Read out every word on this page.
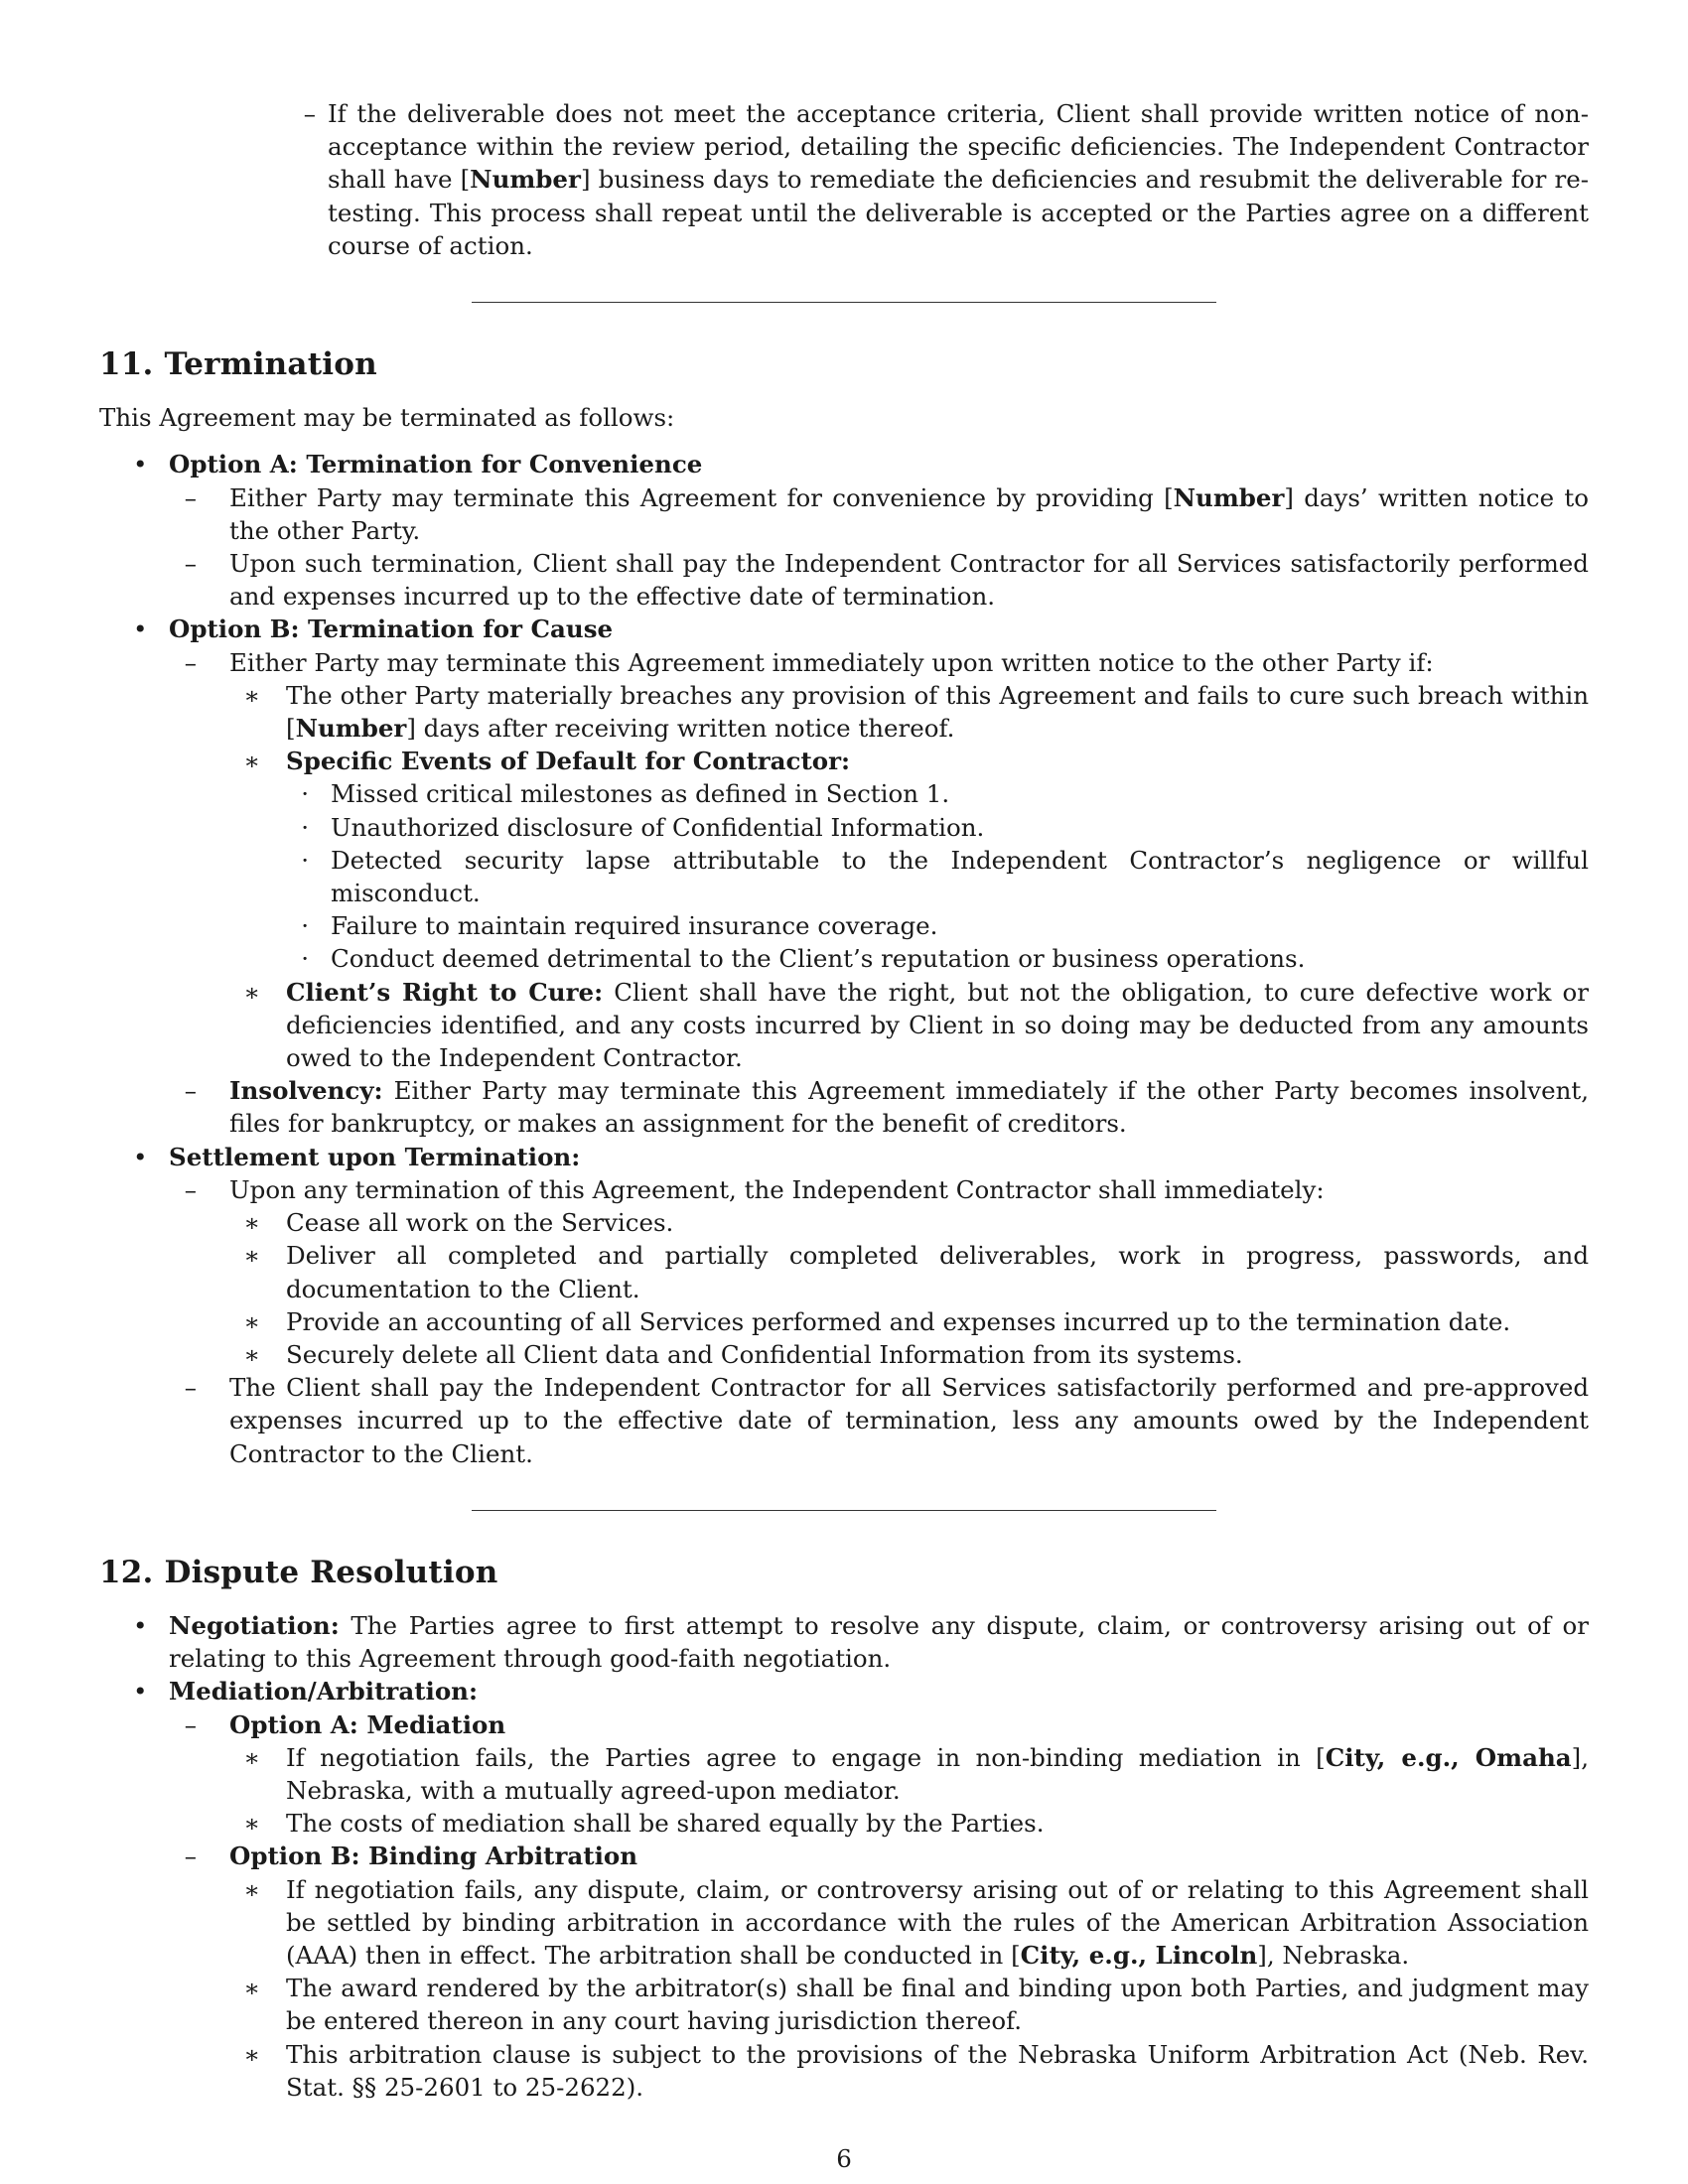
– If the deliverable does not meet the acceptance criteria, Client shall provide written notice of non-acceptance within the review period, detailing the specific deficiencies. The Independent Contractor shall have [Number] business days to remediate the deficiencies and resubmit the deliverable for re-testing. This process shall repeat until the deliverable is accepted or the Parties agree on a different course of action.
11. Termination

This Agreement may be terminated as follows:

• Option A: Termination for Convenience
– Either Party may terminate this Agreement for convenience by providing [Number] days’ written notice to the other Party.
– Upon such termination, Client shall pay the Independent Contractor for all Services satisfactorily performed and expenses incurred up to the effective date of termination.
• Option B: Termination for Cause
– Either Party may terminate this Agreement immediately upon written notice to the other Party if:
∗ The other Party materially breaches any provision of this Agreement and fails to cure such breach within [Number] days after receiving written notice thereof.
∗ Specific Events of Default for Contractor:
· Missed critical milestones as defined in Section 1.
· Unauthorized disclosure of Confidential Information.
· Detected security lapse attributable to the Independent Contractor’s negligence or willful misconduct.
· Failure to maintain required insurance coverage.
· Conduct deemed detrimental to the Client’s reputation or business operations.
∗ Client’s Right to Cure: Client shall have the right, but not the obligation, to cure defective work or deficiencies identified, and any costs incurred by Client in so doing may be deducted from any amounts owed to the Independent Contractor.
– Insolvency: Either Party may terminate this Agreement immediately if the other Party becomes insolvent, files for bankruptcy, or makes an assignment for the benefit of creditors.
• Settlement upon Termination:
– Upon any termination of this Agreement, the Independent Contractor shall immediately:
∗ Cease all work on the Services.
∗ Deliver all completed and partially completed deliverables, work in progress, passwords, and documentation to the Client.
∗ Provide an accounting of all Services performed and expenses incurred up to the termination date.
∗ Securely delete all Client data and Confidential Information from its systems.
– The Client shall pay the Independent Contractor for all Services satisfactorily performed and pre-approved expenses incurred up to the effective date of termination, less any amounts owed by the Independent Contractor to the Client.
12. Dispute Resolution
• Negotiation: The Parties agree to first attempt to resolve any dispute, claim, or controversy arising out of or relating to this Agreement through good-faith negotiation.
• Mediation/Arbitration:
– Option A: Mediation
∗ If negotiation fails, the Parties agree to engage in non-binding mediation in [City, e.g., Omaha], Nebraska, with a mutually agreed-upon mediator.
∗ The costs of mediation shall be shared equally by the Parties.
– Option B: Binding Arbitration
∗ If negotiation fails, any dispute, claim, or controversy arising out of or relating to this Agreement shall be settled by binding arbitration in accordance with the rules of the American Arbitration Association (AAA) then in effect. The arbitration shall be conducted in [City, e.g., Lincoln], Nebraska.
∗ The award rendered by the arbitrator(s) shall be final and binding upon both Parties, and judgment may be entered thereon in any court having jurisdiction thereof.
∗ This arbitration clause is subject to the provisions of the Nebraska Uniform Arbitration Act (Neb. Rev. Stat. §§ 25-2601 to 25-2622).
6
